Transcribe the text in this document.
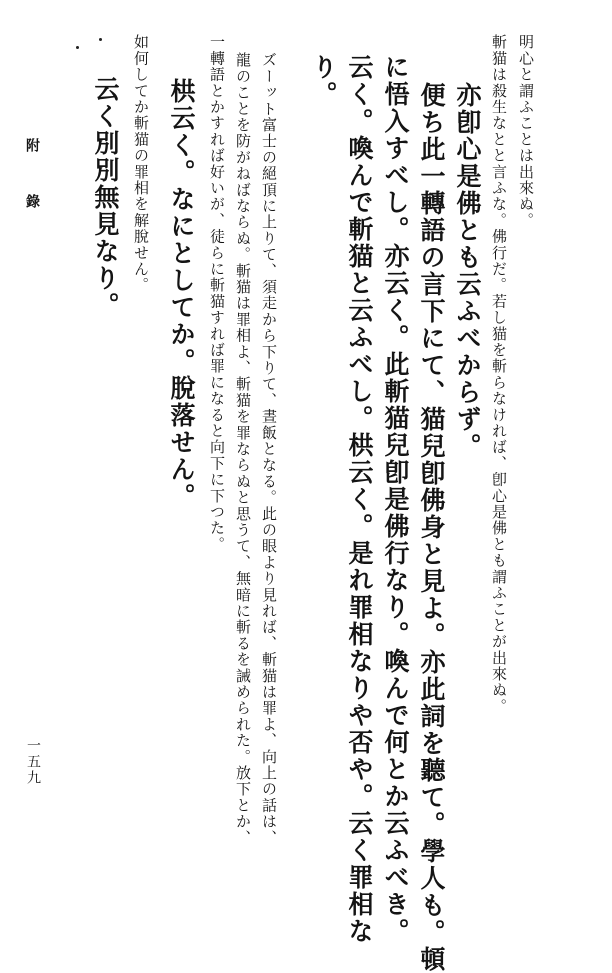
明心と謂ふことは出來ぬ。

斬猫は殺生なとと言ふな。佛行だ。若し猫を斬らなければ、卽心是佛とも謂ふことが出來ぬ。

亦卽心是佛とも云ふべからず。

便ち此一轉語の言下にて、猫兒卽佛身と見よ。亦此詞を聽て。學人も。頓

に悟入すべし。亦云く。此斬猫兒卽是佛行なり。喚んで何とか云ふべき。

云く。喚んで斬猫と云ふべし。栱云く。是れ罪相なりや否や。云く罪相な

り。

ズーット富士の絕頂に上りて、須走から下りて、晝飯となる。此の眼より見れば、斬猫は罪よ、向上の話は、

龍のことを防がねばならぬ。斬猫は罪相よ、斬猫を罪ならぬと思うて、無暗に斬るを誡められた。放下とか、

一轉語とかすれば好いが、徒らに斬猫すれば罪になると向下に下つた。

栱云く。なにとしてか。脫落せん。

如何してか斬猫の罪相を解脫せん。

云く別別無見なり。

附　錄
一五九
